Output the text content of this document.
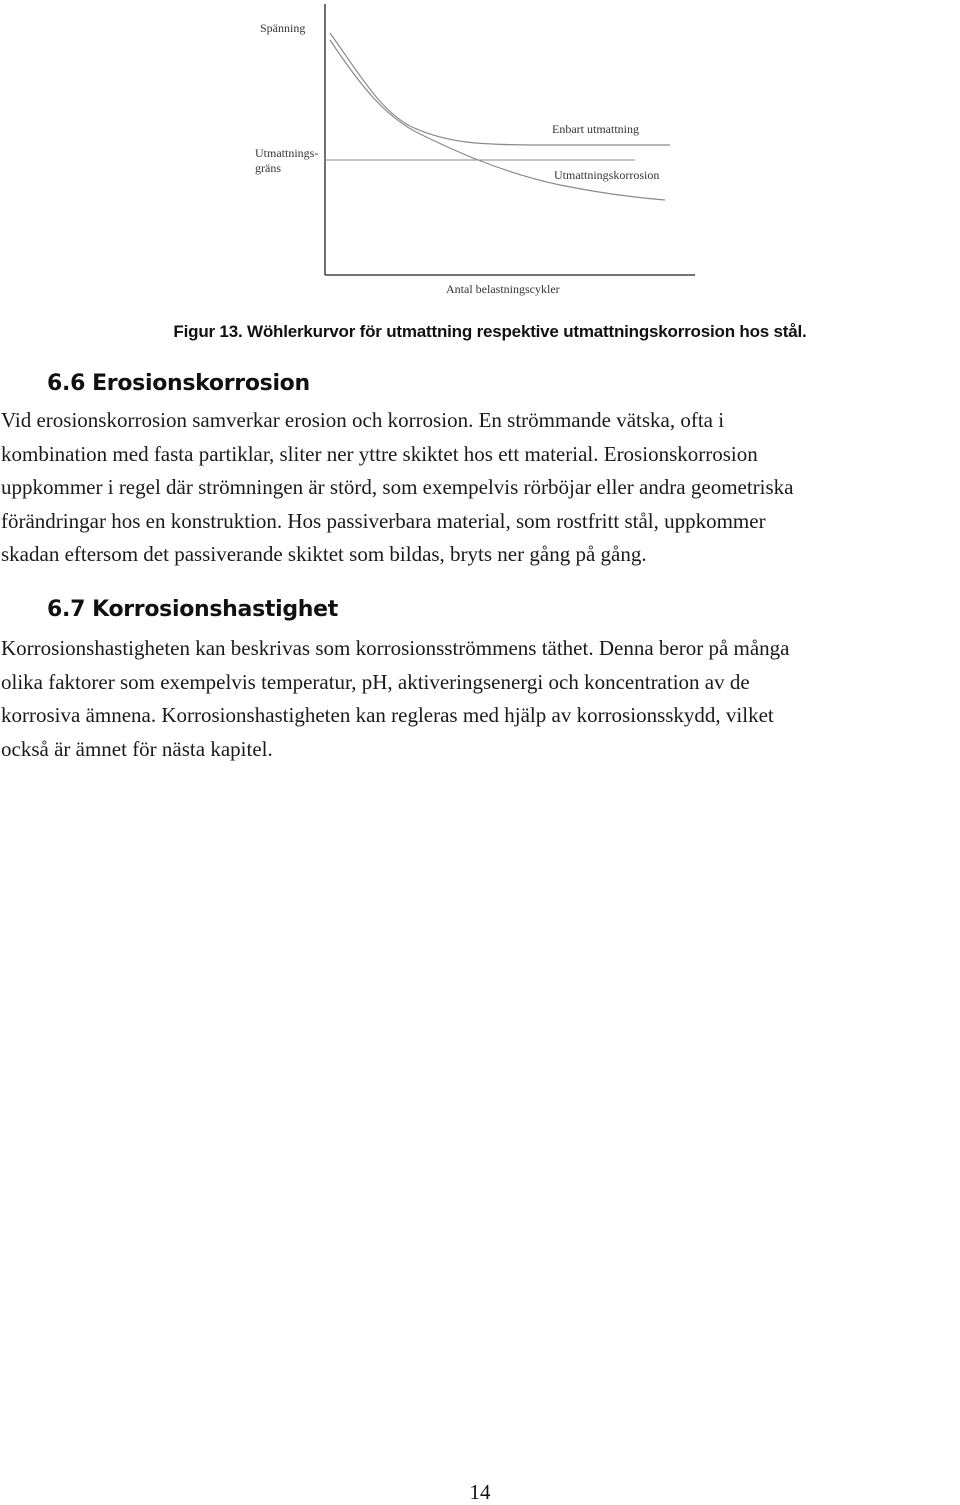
Spänning
Utmattnings-
gräns
Enbart utmattning
Utmattningskorrosion
Antal belastningscykler
Figur 13. Wöhlerkurvor för utmattning respektive utmattningskorrosion hos stål.
6.6 Erosionskorrosion
Vid erosionskorrosion samverkar erosion och korrosion. En strömmande vätska, ofta i
kombination med fasta partiklar, sliter ner yttre skiktet hos ett material. Erosionskorrosion
uppkommer i regel där strömningen är störd, som exempelvis rörböjar eller andra geometriska
förändringar hos en konstruktion. Hos passiverbara material, som rostfritt stål, uppkommer
skadan eftersom det passiverande skiktet som bildas, bryts ner gång på gång.
6.7 Korrosionshastighet
Korrosionshastigheten kan beskrivas som korrosionsströmmens täthet. Denna beror på många
olika faktorer som exempelvis temperatur, pH, aktiveringsenergi och koncentration av de
korrosiva ämnena. Korrosionshastigheten kan regleras med hjälp av korrosionsskydd, vilket
också är ämnet för nästa kapitel.
14
